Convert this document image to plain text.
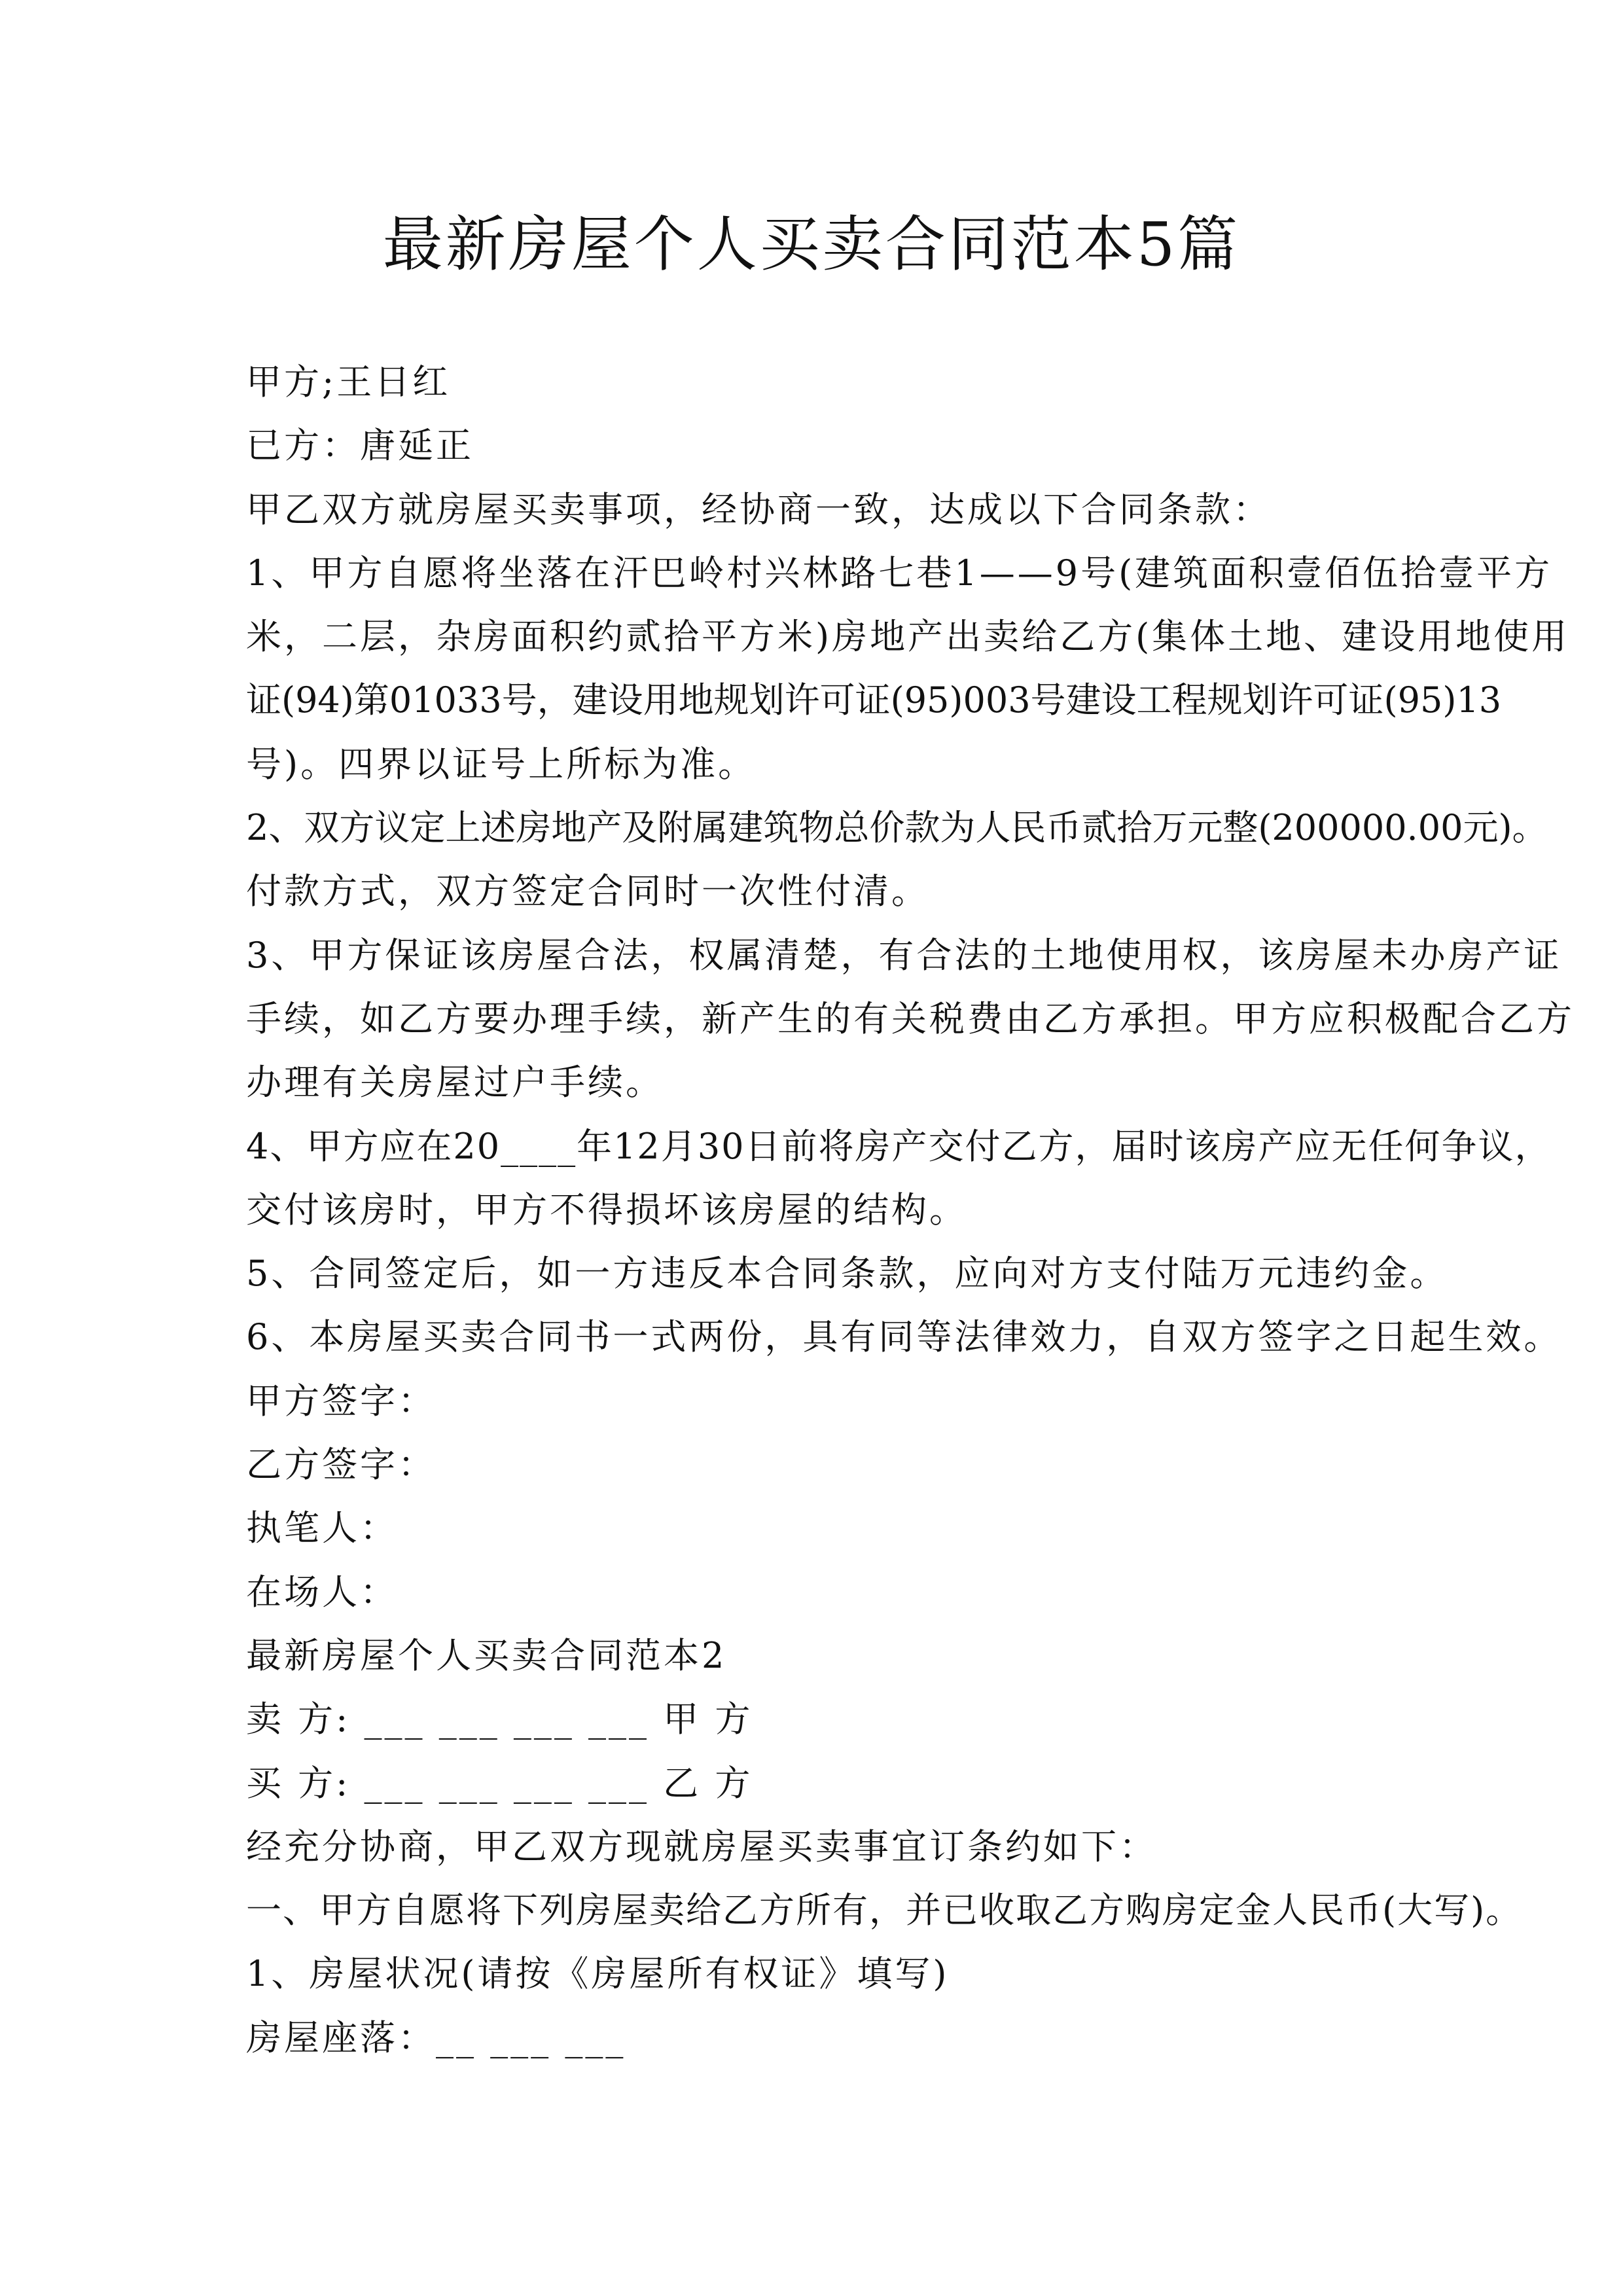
最新房屋个人买卖合同范本5篇
甲方;王日红
已方：唐延正
甲乙双方就房屋买卖事项，经协商一致，达成以下合同条款：
1、甲方自愿将坐落在汗巴岭村兴林路七巷1——9号(建筑面积壹佰伍拾壹平方
米，二层，杂房面积约贰拾平方米)房地产出卖给乙方(集体土地、建设用地使用
证(94)第01033号，建设用地规划许可证(95)003号建设工程规划许可证(95)13
号)。四界以证号上所标为准。
2、双方议定上述房地产及附属建筑物总价款为人民币贰拾万元整(200000.00元)。
付款方式，双方签定合同时一次性付清。
3、甲方保证该房屋合法，权属清楚，有合法的土地使用权，该房屋未办房产证
手续，如乙方要办理手续，新产生的有关税费由乙方承担。甲方应积极配合乙方
办理有关房屋过户手续。
4、甲方应在20____年12月30日前将房产交付乙方，届时该房产应无任何争议，
交付该房时，甲方不得损坏该房屋的结构。
5、合同签定后，如一方违反本合同条款，应向对方支付陆万元违约金。
6、本房屋买卖合同书一式两份，具有同等法律效力，自双方签字之日起生效。
甲方签字：
乙方签字：
执笔人：
在场人：
最新房屋个人买卖合同范本2
卖 方: ___ ___ ___ ___ 甲 方
买 方: ___ ___ ___ ___ 乙 方
经充分协商，甲乙双方现就房屋买卖事宜订条约如下：
一、甲方自愿将下列房屋卖给乙方所有，并已收取乙方购房定金人民币(大写)。
1、房屋状况(请按《房屋所有权证》填写)
房屋座落：__ ___ ___
